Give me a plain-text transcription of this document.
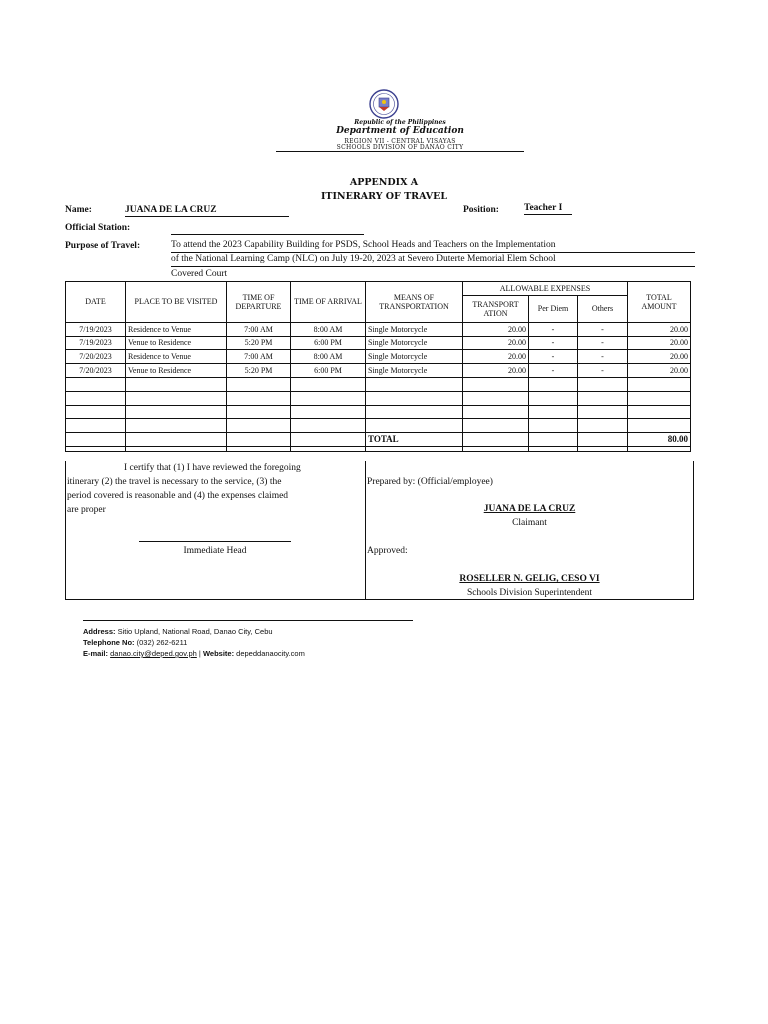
Republic of the Philippines
Department of Education
REGION VII - CENTRAL VISAYAS
SCHOOLS DIVISION OF DANAO CITY
APPENDIX A
ITINERARY OF TRAVEL
Name:	JUANA DE LA CRUZ	Position:	Teacher I
Official Station:
Purpose of Travel:	To attend the 2023 Capability Building for PSDS, School Heads and Teachers on the Implementation
of the National Learning Camp (NLC) on July 19-20, 2023 at Severo Duterte Memorial Elem School
Covered Court
DATE	PLACE TO BE VISITED	TIME OF DEPARTURE	TIME OF ARRIVAL	MEANS OF TRANSPORTATION	ALLOWABLE EXPENSES			TOTAL AMOUNT
					TRANSPORT ATION	Per Diem	Others	

7/19/2023	Residence to Venue	7:00 AM	8:00 AM	Single Motorcycle	20.00	-	-	20.00
7/19/2023	Venue to Residence	5:20 PM	6:00 PM	Single Motorcycle	20.00	-	-	20.00
7/20/2023	Residence to Venue	7:00 AM	8:00 AM	Single Motorcycle	20.00	-	-	20.00
7/20/2023	Venue to Residence	5:20 PM	6:00 PM	Single Motorcycle	20.00	-	-	20.00

				TOTAL				80.00

I certify that (1) I have reviewed the foregoing
itinerary (2) the travel is necessary to the service, (3) the
period covered is reasonable and (4) the expenses claimed
are proper
Immediate Head
Prepared by: (Official/employee)
JUANA DE LA CRUZ
Claimant
Approved:
ROSELLER N. GELIG, CESO VI
Schools Division Superintendent
Address: Sitio Upland, National Road, Danao City, Cebu
Telephone No: (032) 262-6211
E-mail: danao.city@deped.gov.ph | Website: depeddanaocity.com
